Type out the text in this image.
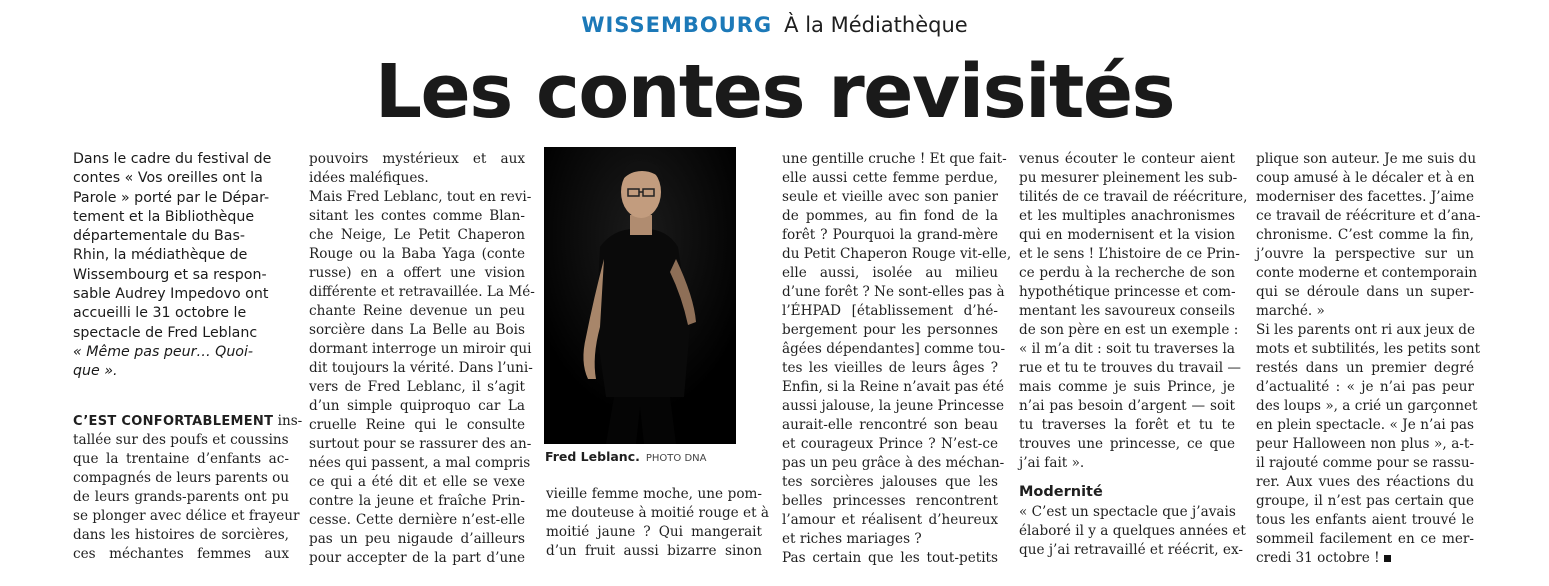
WISSEMBOURG À la Médiathèque
Les contes revisités
Dans le cadre du festival de
contes « Vos oreilles ont la
Parole » porté par le Dépar-
tement et la Bibliothèque
départementale du Bas-
Rhin, la médiathèque de
Wissembourg et sa respon-
sable Audrey Impedovo ont
accueilli le 31 octobre le
spectacle de Fred Leblanc
« Même pas peur… Quoi-
que ».
C’EST CONFORTABLEMENT ins-
tallée sur des poufs et coussins
que la trentaine d’enfants ac-
compagnés de leurs parents ou
de leurs grands-parents ont pu
se plonger avec délice et frayeur
dans les histoires de sorcières,
ces méchantes femmes aux
pouvoirs mystérieux et aux
idées maléfiques.
Mais Fred Leblanc, tout en revi-
sitant les contes comme Blan-
che Neige, Le Petit Chaperon
Rouge ou la Baba Yaga (conte
russe) en a offert une vision
différente et retravaillée. La Mé-
chante Reine devenue un peu
sorcière dans La Belle au Bois
dormant interroge un miroir qui
dit toujours la vérité. Dans l’uni-
vers de Fred Leblanc, il s’agit
d’un simple quiproquo car La
cruelle Reine qui le consulte
surtout pour se rassurer des an-
nées qui passent, a mal compris
ce qui a été dit et elle se vexe
contre la jeune et fraîche Prin-
cesse. Cette dernière n’est-elle
pas un peu nigaude d’ailleurs
pour accepter de la part d’une
Fred Leblanc. PHOTO DNA
vieille femme moche, une pom-
me douteuse à moitié rouge et à
moitié jaune ? Qui mangerait
d’un fruit aussi bizarre sinon
une gentille cruche ! Et que fait-
elle aussi cette femme perdue,
seule et vieille avec son panier
de pommes, au fin fond de la
forêt ? Pourquoi la grand-mère
du Petit Chaperon Rouge vit-elle,
elle aussi, isolée au milieu
d’une forêt ? Ne sont-elles pas à
l’ÉHPAD [établissement d’hé-
bergement pour les personnes
âgées dépendantes] comme tou-
tes les vieilles de leurs âges ?
Enfin, si la Reine n’avait pas été
aussi jalouse, la jeune Princesse
aurait-elle rencontré son beau
et courageux Prince ? N’est-ce
pas un peu grâce à des méchan-
tes sorcières jalouses que les
belles princesses rencontrent
l’amour et réalisent d’heureux
et riches mariages ?
Pas certain que les tout-petits
venus écouter le conteur aient
pu mesurer pleinement les sub-
tilités de ce travail de réécriture,
et les multiples anachronismes
qui en modernisent et la vision
et le sens ! L’histoire de ce Prin-
ce perdu à la recherche de son
hypothétique princesse et com-
mentant les savoureux conseils
de son père en est un exemple :
« il m’a dit : soit tu traverses la
rue et tu te trouves du travail —
mais comme je suis Prince, je
n’ai pas besoin d’argent — soit
tu traverses la forêt et tu te
trouves une princesse, ce que
j’ai fait ».
Modernité
« C’est un spectacle que j’avais
élaboré il y a quelques années et
que j’ai retravaillé et réécrit, ex-
plique son auteur. Je me suis du
coup amusé à le décaler et à en
moderniser des facettes. J’aime
ce travail de réécriture et d’ana-
chronisme. C’est comme la fin,
j’ouvre la perspective sur un
conte moderne et contemporain
qui se déroule dans un super-
marché. »
Si les parents ont ri aux jeux de
mots et subtilités, les petits sont
restés dans un premier degré
d’actualité : « je n’ai pas peur
des loups », a crié un garçonnet
en plein spectacle. « Je n’ai pas
peur Halloween non plus », a-t-
il rajouté comme pour se rassu-
rer. Aux vues des réactions du
groupe, il n’est pas certain que
tous les enfants aient trouvé le
sommeil facilement en ce mer-
credi 31 octobre !
